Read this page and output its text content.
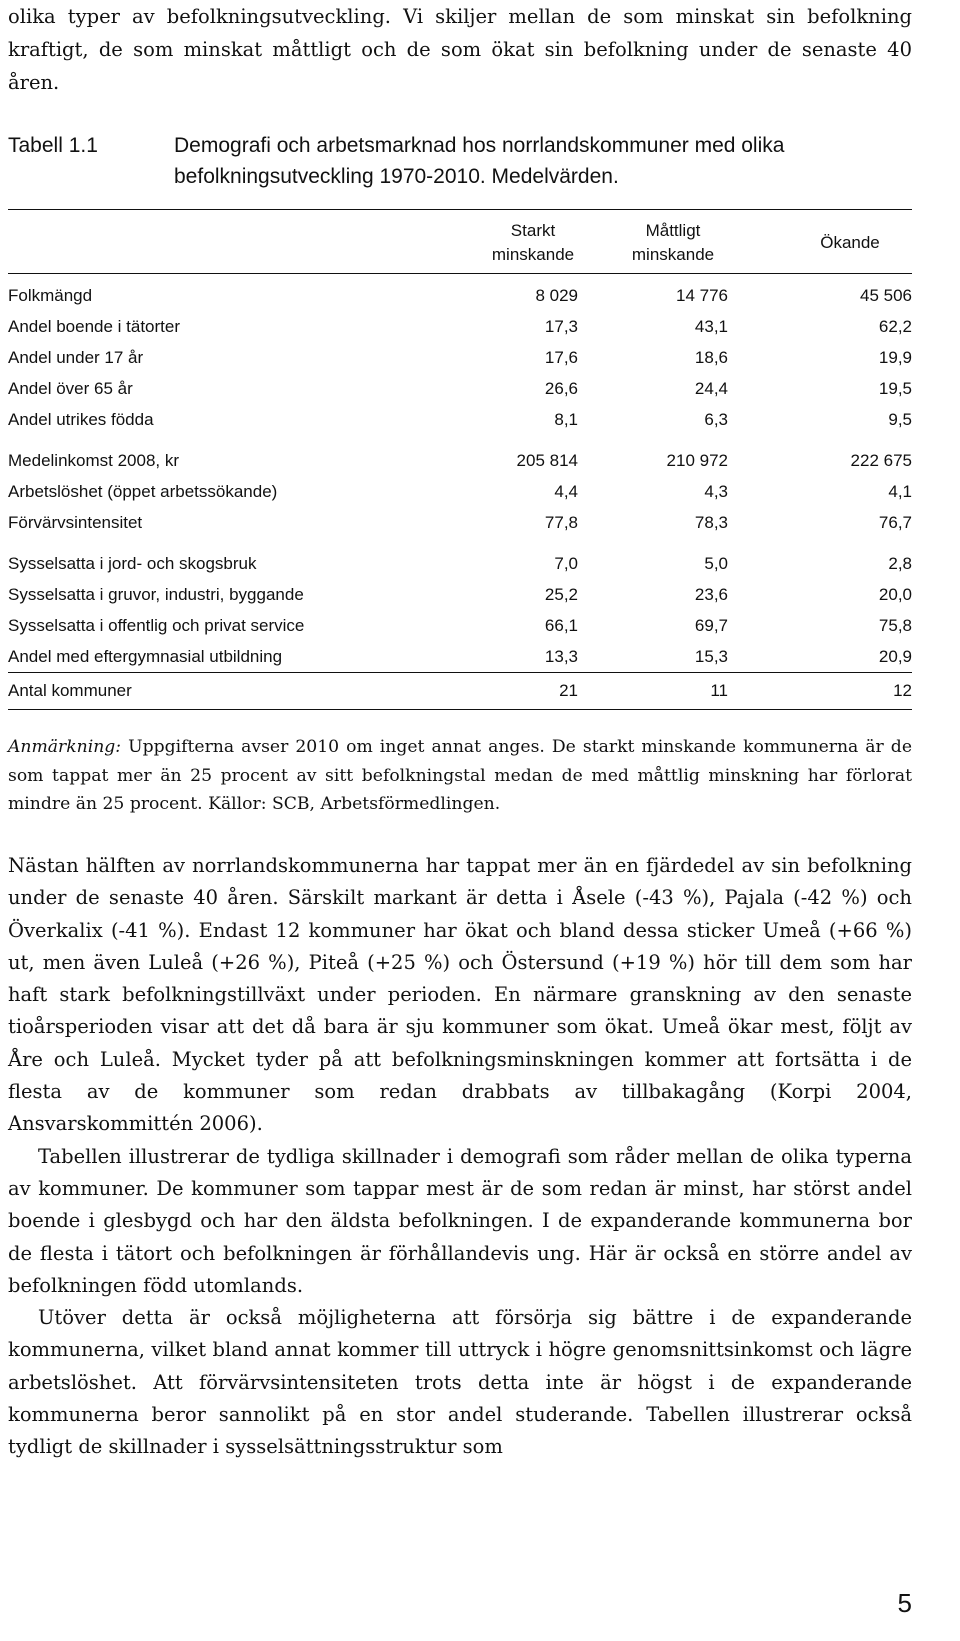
olika typer av befolkningsutveckling. Vi skiljer mellan de som minskat sin befolkning kraftigt, de som minskat måttligt och de som ökat sin befolkning under de senaste 40 åren.

Tabell 1.1	Demografi och arbetsmarknad hos norrlandskommuner med olika befolkningsutveckling 1970-2010. Medelvärden.
	Starkt minskande	Måttligt minskande	Ökande
Folkmängd	8 029	14 776	45 506
Andel boende i tätorter	17,3	43,1	62,2
Andel under 17 år	17,6	18,6	19,9
Andel över 65 år	26,6	24,4	19,5
Andel utrikes födda	8,1	6,3	9,5
Medelinkomst 2008, kr	205 814	210 972	222 675
Arbetslöshet (öppet arbetssökande)	4,4	4,3	4,1
Förvärvsintensitet	77,8	78,3	76,7
Sysselsatta i jord- och skogsbruk	7,0	5,0	2,8
Sysselsatta i gruvor, industri, byggande	25,2	23,6	20,0
Sysselsatta i offentlig och privat service	66,1	69,7	75,8
Andel med eftergymnasial utbildning	13,3	15,3	20,9
Antal kommuner	21	11	12
Anmärkning: Uppgifterna avser 2010 om inget annat anges. De starkt minskande kommunerna är de som tappat mer än 25 procent av sitt befolkningstal medan de med måttlig minskning har förlorat mindre än 25 procent. Källor: SCB, Arbetsförmedlingen.
Nästan hälften av norrlandskommunerna har tappat mer än en fjärdedel av sin befolkning under de senaste 40 åren. Särskilt markant är detta i Åsele (-43 %), Pajala (-42 %) och Överkalix (-41 %). Endast 12 kommuner har ökat och bland dessa sticker Umeå (+66 %) ut, men även Luleå (+26 %), Piteå (+25 %) och Östersund (+19 %) hör till dem som har haft stark befolkningstillväxt under perioden. En närmare granskning av den senaste tioårsperioden visar att det då bara är sju kommuner som ökat. Umeå ökar mest, följt av Åre och Luleå. Mycket tyder på att befolkningsminskningen kommer att fortsätta i de flesta av de kommuner som redan drabbats av tillbakagång (Korpi 2004, Ansvarskommittén 2006).
Tabellen illustrerar de tydliga skillnader i demografi som råder mellan de olika typerna av kommuner. De kommuner som tappar mest är de som redan är minst, har störst andel boende i glesbygd och har den äldsta befolkningen. I de expanderande kommunerna bor de flesta i tätort och befolkningen är förhållandevis ung. Här är också en större andel av befolkningen född utomlands.
Utöver detta är också möjligheterna att försörja sig bättre i de expanderande kommunerna, vilket bland annat kommer till uttryck i högre genomsnittsinkomst och lägre arbetslöshet. Att förvärvsintensiteten trots detta inte är högst i de expanderande kommunerna beror sannolikt på en stor andel studerande. Tabellen illustrerar också tydligt de skillnader i sysselsättningsstruktur som
5
